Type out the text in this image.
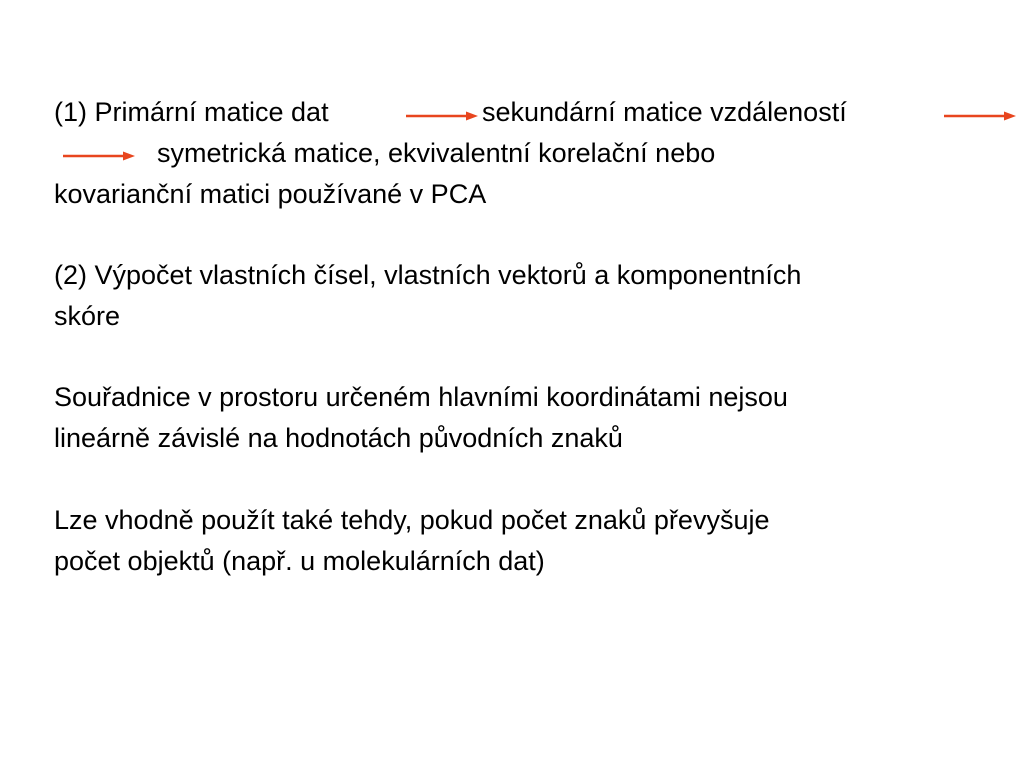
(1) Primární matice dat	sekundární matice vzdáleností
symetrická matice, ekvivalentní korelační nebo
kovarianční matici používané v PCA
(2) Výpočet vlastních čísel, vlastních vektorů a komponentních
skóre
Souřadnice v prostoru určeném hlavními koordinátami nejsou
lineárně závislé na hodnotách původních znaků
Lze vhodně použít také tehdy, pokud počet znaků převyšuje
počet objektů (např. u molekulárních dat)
